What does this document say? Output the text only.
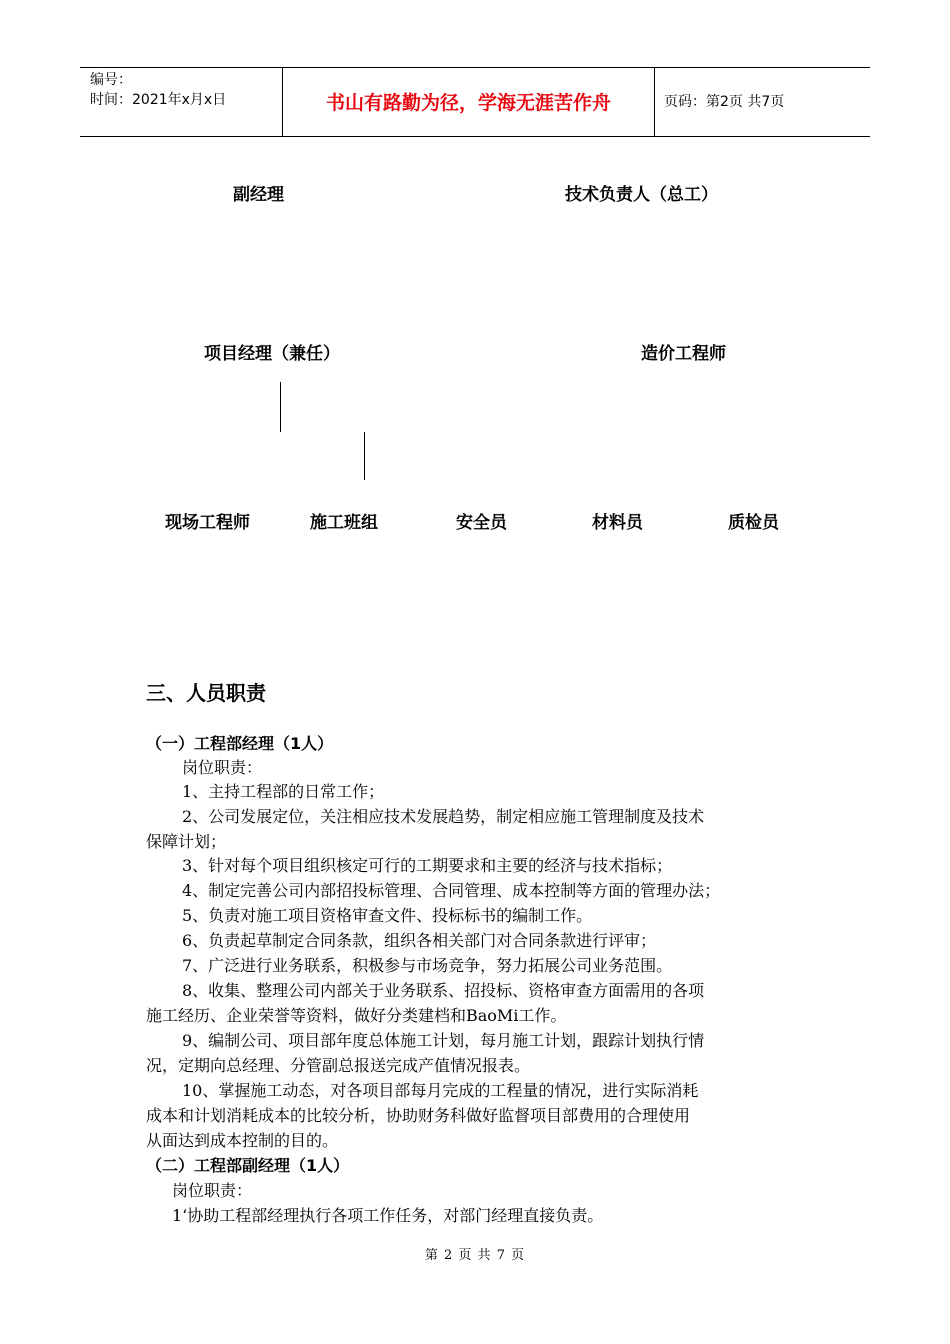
编号：
时间：2021年x月x日	书山有路勤为径，学海无涯苦作舟	页码：第2页 共7页
副经理	技术负责人（总工）
项目经理（兼任）	造价工程师
现场工程师	施工班组	安全员	材料员	质检员
三、人员职责
（一）工程部经理（1人）
岗位职责：
1、主持工程部的日常工作；
2、公司发展定位，关注相应技术发展趋势，制定相应施工管理制度及技术
保障计划；
3、针对每个项目组织核定可行的工期要求和主要的经济与技术指标；
4、制定完善公司内部招投标管理、合同管理、成本控制等方面的管理办法；
5、负责对施工项目资格审查文件、投标标书的编制工作。
6、负责起草制定合同条款，组织各相关部门对合同条款进行评审；
7、广泛进行业务联系，积极参与市场竞争，努力拓展公司业务范围。
8、收集、整理公司内部关于业务联系、招投标、资格审查方面需用的各项
施工经历、企业荣誉等资料，做好分类建档和BaoMi工作。
9、编制公司、项目部年度总体施工计划，每月施工计划，跟踪计划执行情
况，定期向总经理、分管副总报送完成产值情况报表。
10、掌握施工动态，对各项目部每月完成的工程量的情况，进行实际消耗
成本和计划消耗成本的比较分析，协助财务科做好监督项目部费用的合理使用
从面达到成本控制的目的。
（二）工程部副经理（1人）
岗位职责：
1‘协助工程部经理执行各项工作任务，对部门经理直接负责。
第 2 页 共 7 页
